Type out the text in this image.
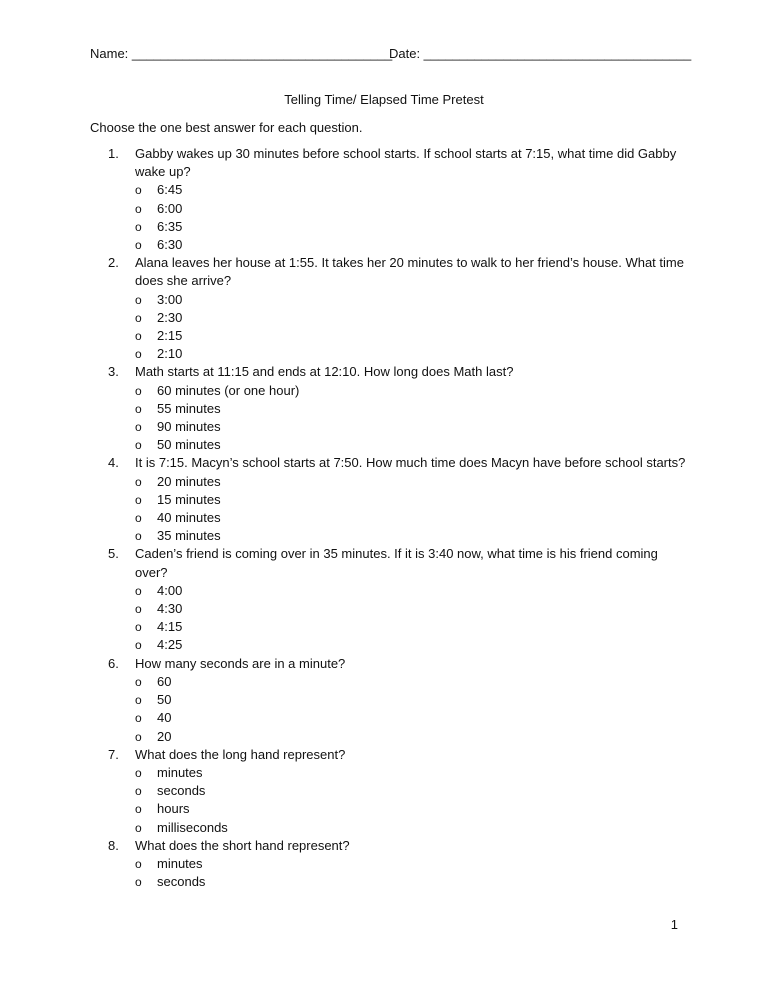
Name: ____________________________________
Date: _____________________________________
Telling Time/ Elapsed Time Pretest
Choose the one best answer for each question.
1. Gabby wakes up 30 minutes before school starts. If school starts at 7:15, what time did Gabby wake up?
o 6:45
o 6:00
o 6:35
o 6:30
2. Alana leaves her house at 1:55. It takes her 20 minutes to walk to her friend’s house. What time does she arrive?
o 3:00
o 2:30
o 2:15
o 2:10
3. Math starts at 11:15 and ends at 12:10. How long does Math last?
o 60 minutes (or one hour)
o 55 minutes
o 90 minutes
o 50 minutes
4. It is 7:15. Macyn’s school starts at 7:50. How much time does Macyn have before school starts?
o 20 minutes
o 15 minutes
o 40 minutes
o 35 minutes
5. Caden’s friend is coming over in 35 minutes. If it is 3:40 now, what time is his friend coming over?
o 4:00
o 4:30
o 4:15
o 4:25
6. How many seconds are in a minute?
o 60
o 50
o 40
o 20
7. What does the long hand represent?
o minutes
o seconds
o hours
o milliseconds
8. What does the short hand represent?
o minutes
o seconds
1
